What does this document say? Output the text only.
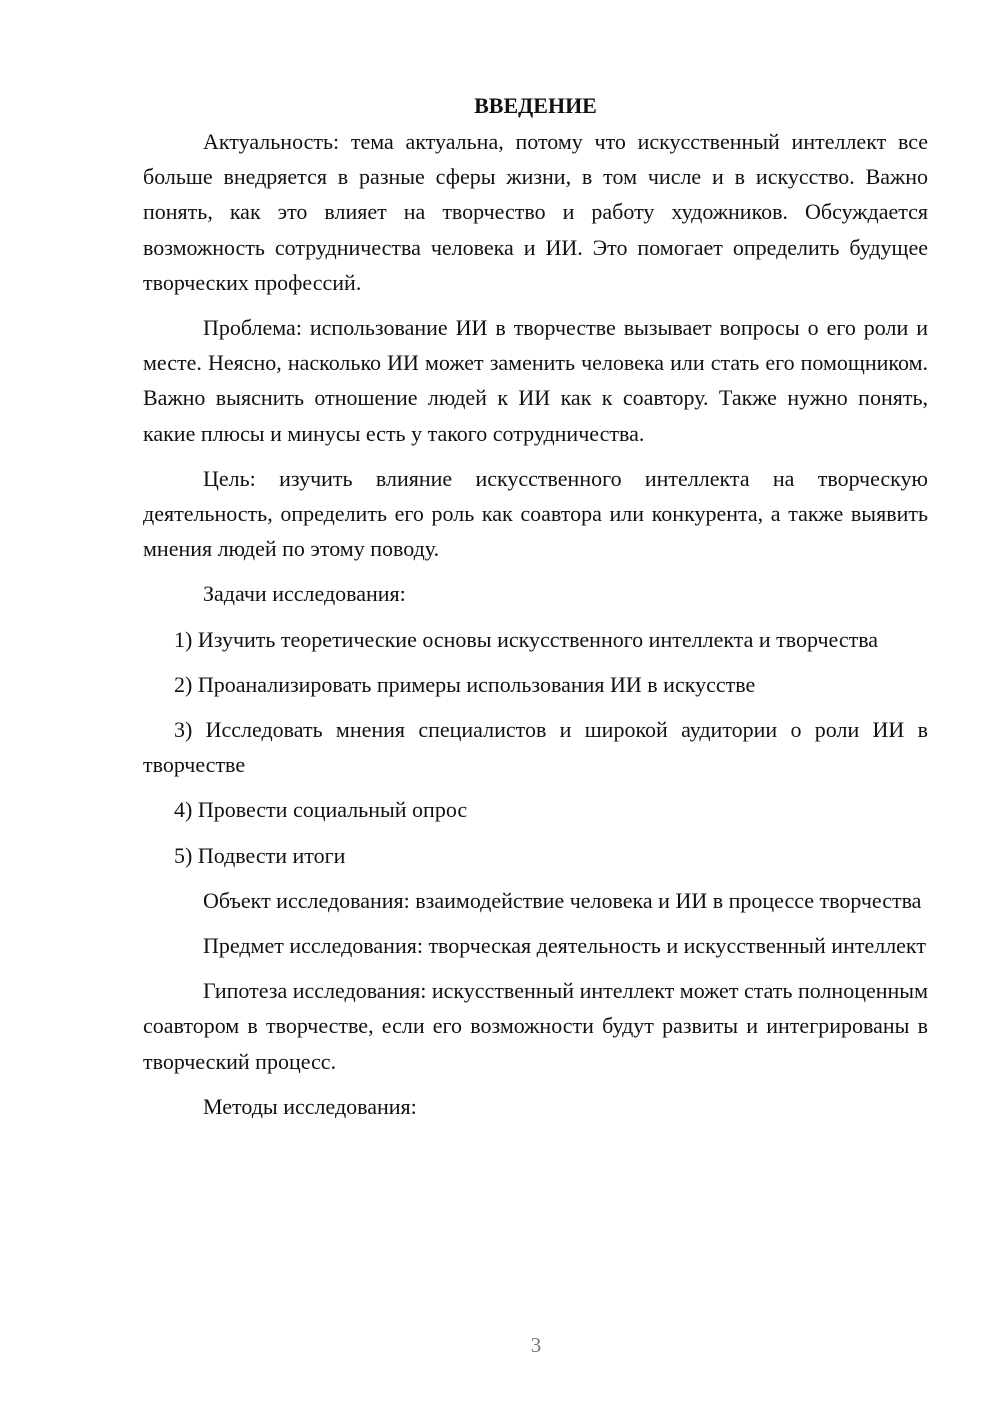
ВВЕДЕНИЕ

Актуальность: тема актуальна, потому что искусственный интеллект все больше внедряется в разные сферы жизни, в том числе и в искусство. Важно понять, как это влияет на творчество и работу художников. Обсуждается возможность сотрудничества человека и ИИ. Это помогает определить будущее творческих профессий.

Проблема: использование ИИ в творчестве вызывает вопросы о его роли и месте. Неясно, насколько ИИ может заменить человека или стать его помощником. Важно выяснить отношение людей к ИИ как к соавтору. Также нужно понять, какие плюсы и минусы есть у такого сотрудничества.

Цель: изучить влияние искусственного интеллекта на творческую деятельность, определить его роль как соавтора или конкурента, а также выявить мнения людей по этому поводу.

Задачи исследования:

1) Изучить теоретические основы искусственного интеллекта и творчества

2) Проанализировать примеры использования ИИ в искусстве

3) Исследовать мнения специалистов и широкой аудитории о роли ИИ в творчестве

4) Провести социальный опрос

5) Подвести итоги

Объект исследования: взаимодействие человека и ИИ в процессе творчества

Предмет исследования: творческая деятельность и искусственный интеллект

Гипотеза исследования: искусственный интеллект может стать полноценным соавтором в творчестве, если его возможности будут развиты и интегрированы в творческий процесс.

Методы исследования:

3
